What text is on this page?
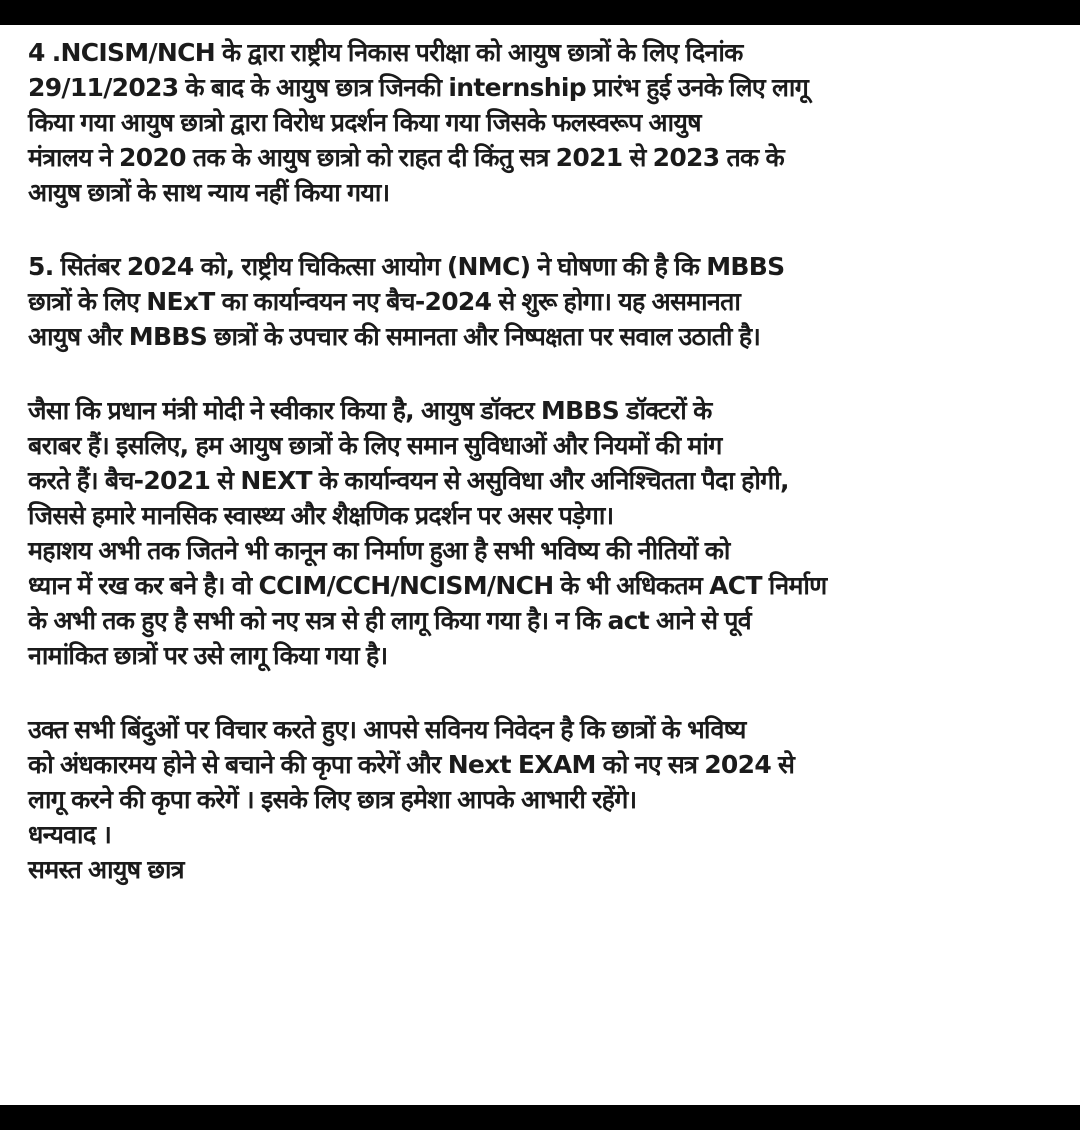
4 .NCISM/NCH के द्वारा राष्ट्रीय निकास परीक्षा को आयुष छात्रों के लिए दिनांक
29/11/2023 के बाद के आयुष छात्र जिनकी internship प्रारंभ हुई उनके लिए लागू
किया गया आयुष छात्रो द्वारा विरोध प्रदर्शन किया गया जिसके फलस्वरूप आयुष
मंत्रालय ने 2020 तक के आयुष छात्रो को राहत दी किंतु सत्र 2021 से 2023 तक के
आयुष छात्रों के साथ न्याय नहीं किया गया।
5. सितंबर 2024 को, राष्ट्रीय चिकित्सा आयोग (NMC) ने घोषणा की है कि MBBS
छात्रों के लिए NExT का कार्यान्वयन नए बैच-2024 से शुरू होगा। यह असमानता
आयुष और MBBS छात्रों के उपचार की समानता और निष्पक्षता पर सवाल उठाती है।
जैसा कि प्रधान मंत्री मोदी ने स्वीकार किया है, आयुष डॉक्टर MBBS डॉक्टरों के
बराबर हैं। इसलिए, हम आयुष छात्रों के लिए समान सुविधाओं और नियमों की मांग
करते हैं। बैच-2021 से NEXT के कार्यान्वयन से असुविधा और अनिश्चितता पैदा होगी,
जिससे हमारे मानसिक स्वास्थ्य और शैक्षणिक प्रदर्शन पर असर पड़ेगा।
महाशय अभी तक जितने भी कानून का निर्माण हुआ है सभी भविष्य की नीतियों को
ध्यान में रख कर बने है। वो CCIM/CCH/NCISM/NCH के भी अधिकतम ACT निर्माण
के अभी तक हुए है सभी को नए सत्र से ही लागू किया गया है। न कि act आने से पूर्व
नामांकित छात्रों पर उसे लागू किया गया है।
उक्त सभी बिंदुओं पर विचार करते हुए। आपसे सविनय निवेदन है कि छात्रों के भविष्य
को अंधकारमय होने से बचाने की कृपा करेगें और Next EXAM को नए सत्र 2024 से
लागू करने की कृपा करेगें । इसके लिए छात्र हमेशा आपके आभारी रहेंगे।
धन्यवाद ।
समस्त आयुष छात्र
